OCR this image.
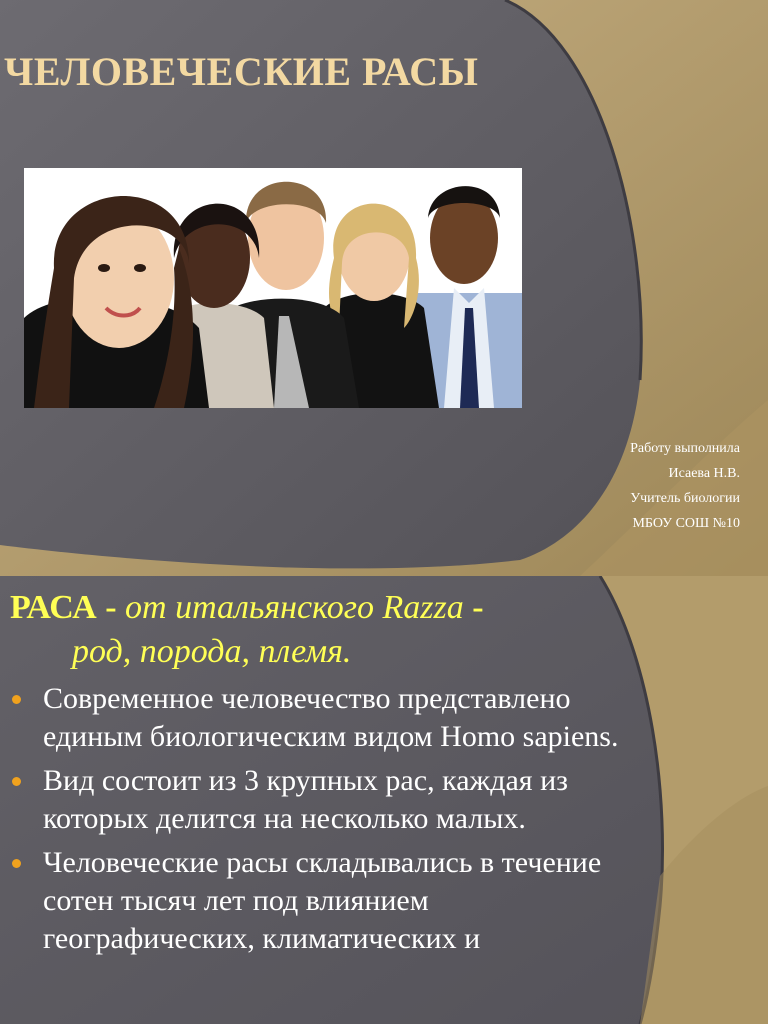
ЧЕЛОВЕЧЕСКИЕ РАСЫ
Работу выполнила
Исаева Н.В.
Учитель биологии
МБОУ СОШ №10
РАСА - от итальянского Razza -
род, порода, племя.
Современное человечество представлено единым биологическим видом Homo sapiens.
Вид состоит из 3 крупных рас, каждая из которых делится на несколько малых.
Человеческие расы складывались в течение сотен тысяч лет под влиянием географических, климатических и
